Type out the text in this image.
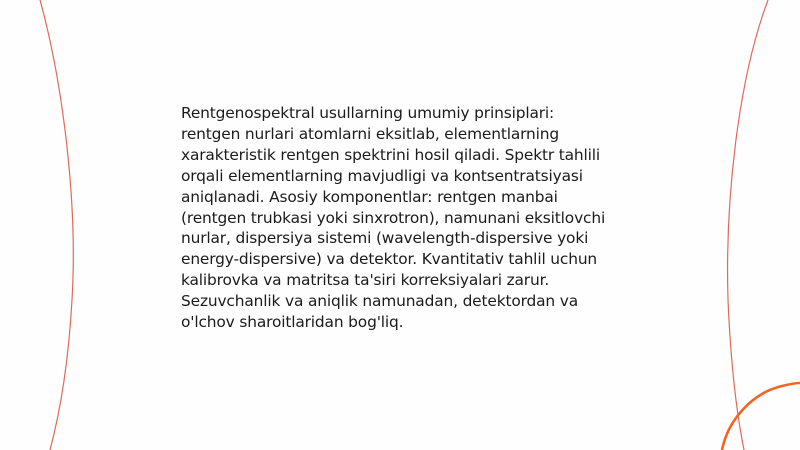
Rentgenospektral usullarning umumiy prinsiplari: rentgen nurlari atomlarni eksitlab, elementlarning xarakteristik rentgen spektrini hosil qiladi. Spektr tahlili orqali elementlarning mavjudligi va kontsentratsiyasi aniqlanadi. Asosiy komponentlar: rentgen manbai (rentgen trubkasi yoki sinxrotron), namunani eksitlovchi nurlar, dispersiya sistemi (wavelength-dispersive yoki energy-dispersive) va detektor. Kvantitativ tahlil uchun kalibrovka va matritsa ta'siri korreksiyalari zarur. Sezuvchanlik va aniqlik namunadan, detektordan va o'lchov sharoitlaridan bog'liq.
